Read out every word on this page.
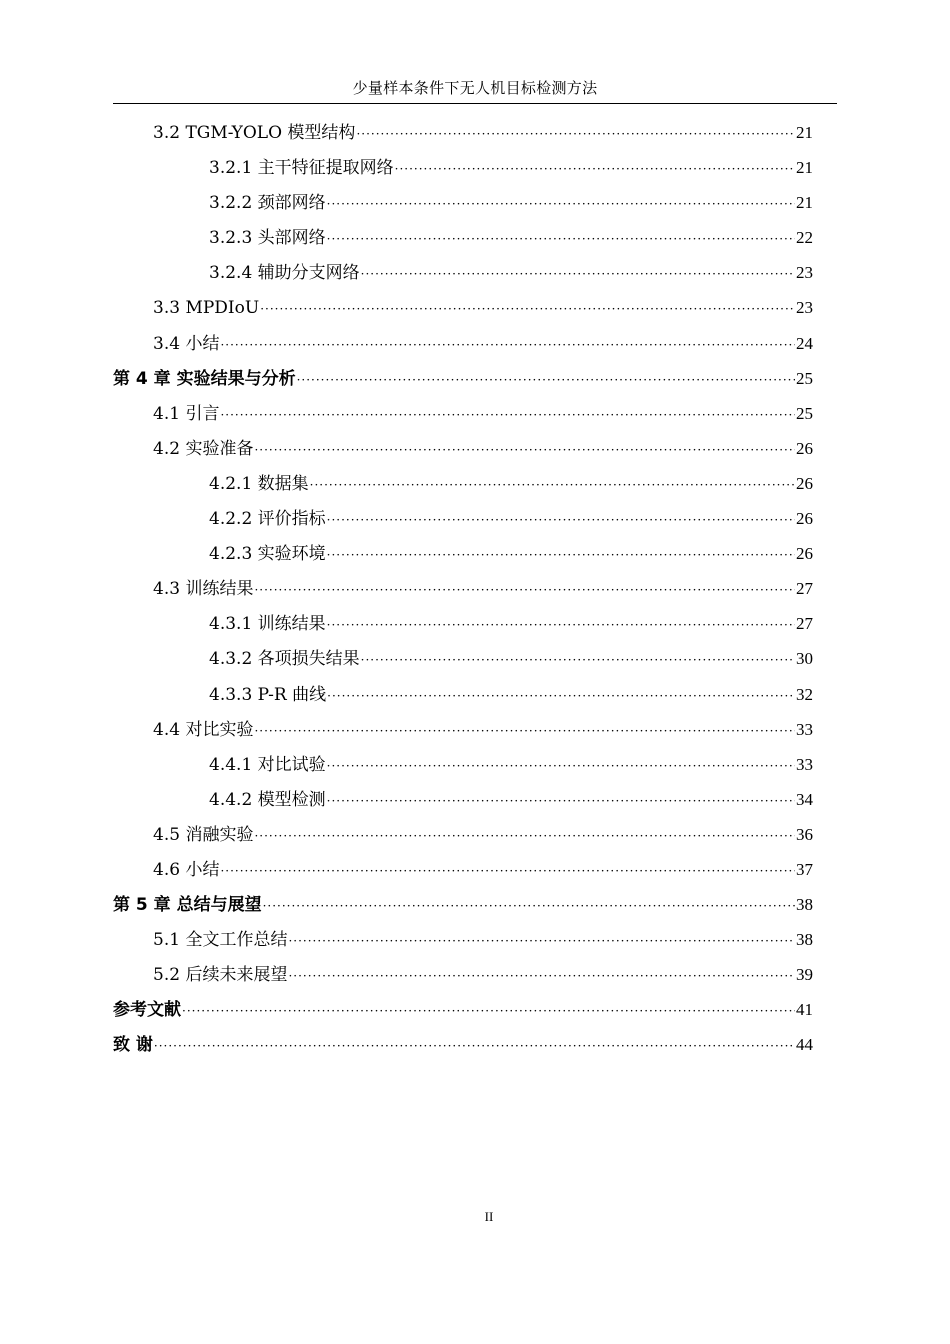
少量样本条件下无人机目标检测方法
3.2 TGM-YOLO 模型结构 ·····	21
3.2.1 主干特征提取网络 ·····	21
3.2.2 颈部网络 ·····	21
3.2.3 头部网络 ·····	22
3.2.4 辅助分支网络 ·····	23
3.3 MPDIoU ·····	23
3.4 小结 ·····	24
第 4 章 实验结果与分析 ·····	25
4.1 引言 ·····	25
4.2 实验准备 ·····	26
4.2.1 数据集 ·····	26
4.2.2 评价指标 ·····	26
4.2.3 实验环境 ·····	26
4.3 训练结果 ·····	27
4.3.1 训练结果 ·····	27
4.3.2 各项损失结果 ·····	30
4.3.3 P-R 曲线 ·····	32
4.4 对比实验 ·····	33
4.4.1 对比试验 ·····	33
4.4.2 模型检测 ·····	34
4.5 消融实验 ·····	36
4.6 小结 ·····	37
第 5 章 总结与展望 ·····	38
5.1 全文工作总结 ·····	38
5.2 后续未来展望 ·····	39
参考文献 ·····	41
致 谢 ·····	44
II
